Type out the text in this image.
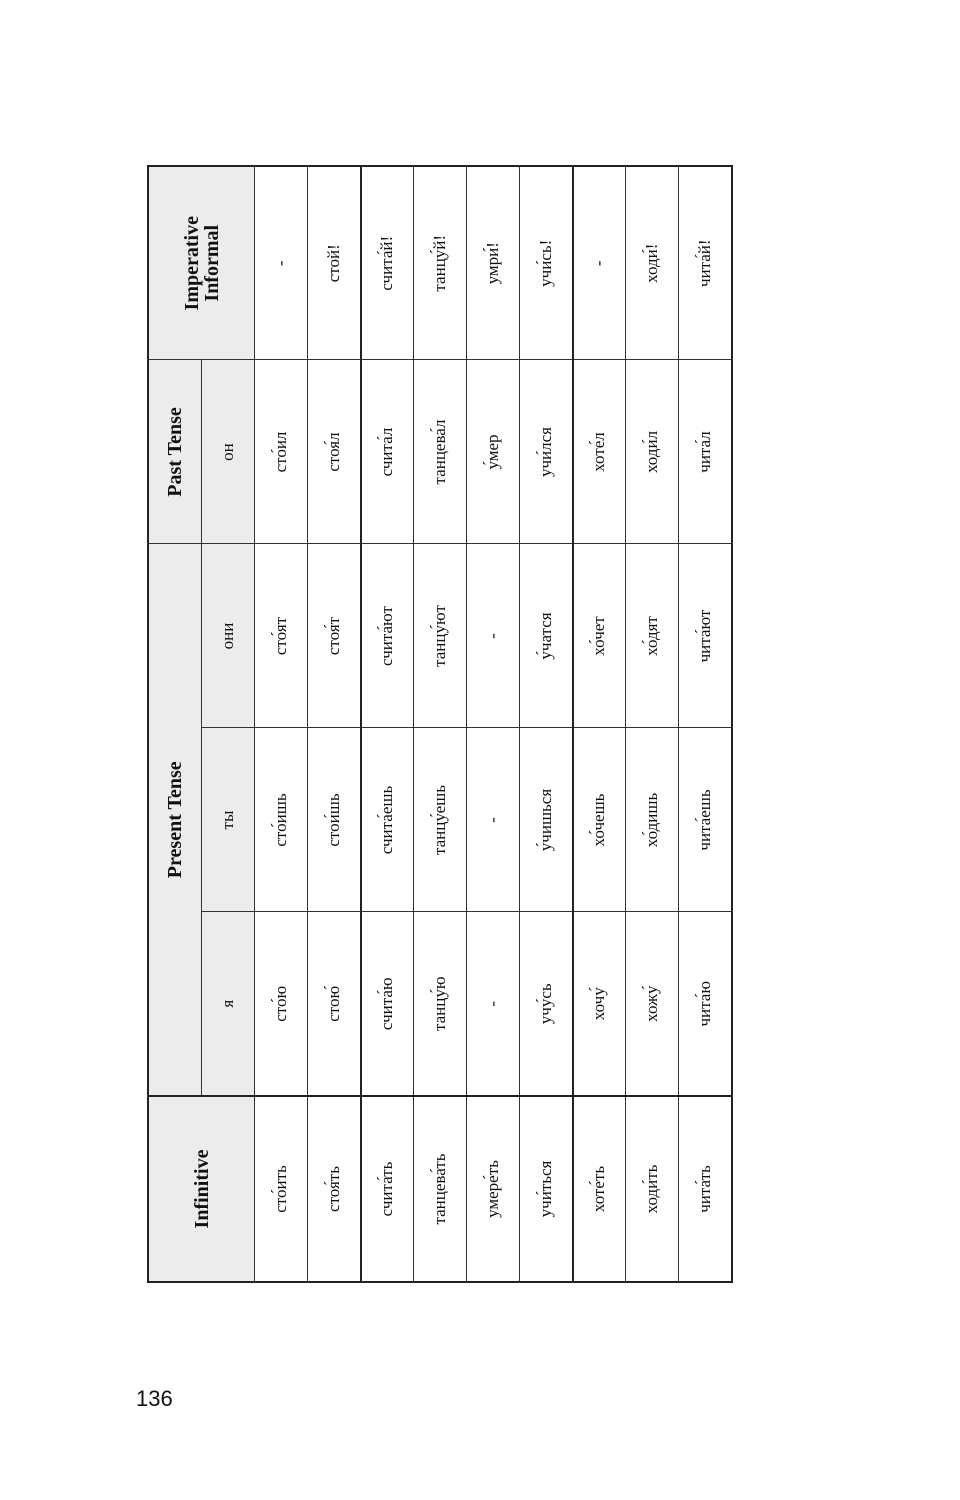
Infinitive	Present Tense			Past Tense	Imperative
Informal

	я	ты	они	он	
сто́ить	сто́ю	сто́ишь	сто́ят	сто́ил	-
стоя́ть	стою́	стои́шь	стоя́т	стоя́л	стой!
счита́ть	счита́ю	счита́ешь	счита́ют	счита́л	счита́й!
танцева́ть	танцу́ю	танцу́ешь	танцу́ют	танцева́л	танцу́й!
умере́ть	-	-	-	у́мер	умри́!
учи́ться	учу́сь	у́чишься	у́чатся	учи́лся	учи́сь!
хоте́ть	хочу́	хо́чешь	хо́чет	хоте́л	-
ходи́ть	хожу́	хо́дишь	хо́дят	ходи́л	ходи́!
чита́ть	чита́ю	чита́ешь	чита́ют	чита́л	чита́й!
136
